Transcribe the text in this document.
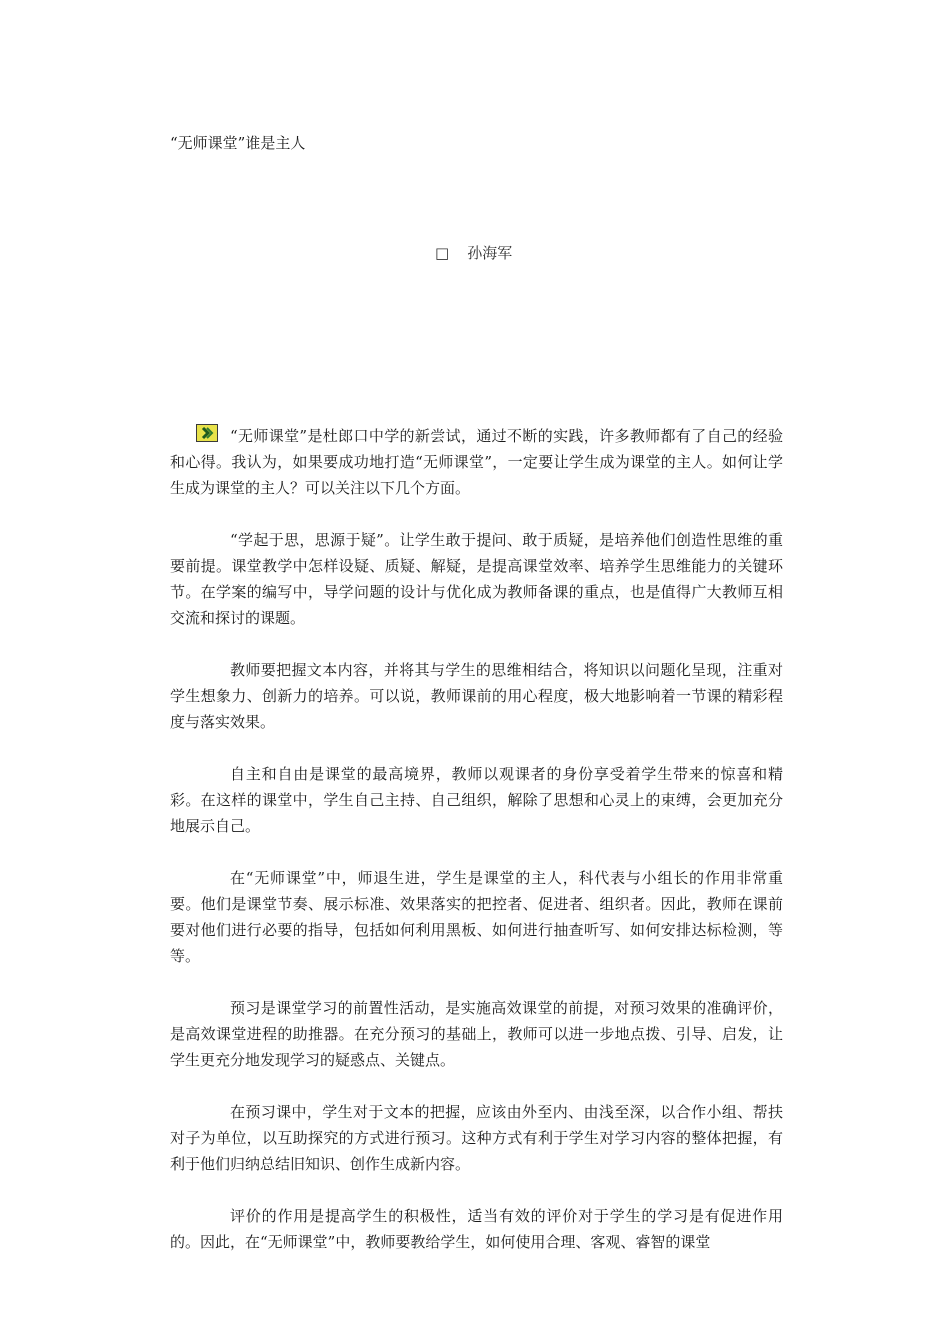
“无师课堂”谁是主人
□ 孙海军

“无师课堂”是杜郎口中学的新尝试，通过不断的实践，许多教师都有了自己的经验和心得。我认为，如果要成功地打造“无师课堂”，一定要让学生成为课堂的主人。如何让学生成为课堂的主人？可以关注以下几个方面。

“学起于思，思源于疑”。让学生敢于提问、敢于质疑，是培养他们创造性思维的重要前提。课堂教学中怎样设疑、质疑、解疑，是提高课堂效率、培养学生思维能力的关键环节。在学案的编写中，导学问题的设计与优化成为教师备课的重点，也是值得广大教师互相交流和探讨的课题。

教师要把握文本内容，并将其与学生的思维相结合，将知识以问题化呈现，注重对学生想象力、创新力的培养。可以说，教师课前的用心程度，极大地影响着一节课的精彩程度与落实效果。

自主和自由是课堂的最高境界，教师以观课者的身份享受着学生带来的惊喜和精彩。在这样的课堂中，学生自己主持、自己组织，解除了思想和心灵上的束缚，会更加充分地展示自己。

在“无师课堂”中，师退生进，学生是课堂的主人，科代表与小组长的作用非常重要。他们是课堂节奏、展示标准、效果落实的把控者、促进者、组织者。因此，教师在课前要对他们进行必要的指导，包括如何利用黑板、如何进行抽查听写、如何安排达标检测，等等。

预习是课堂学习的前置性活动，是实施高效课堂的前提，对预习效果的准确评价，是高效课堂进程的助推器。在充分预习的基础上，教师可以进一步地点拨、引导、启发，让学生更充分地发现学习的疑惑点、关键点。

在预习课中，学生对于文本的把握，应该由外至内、由浅至深，以合作小组、帮扶对子为单位，以互助探究的方式进行预习。这种方式有利于学生对学习内容的整体把握，有利于他们归纳总结旧知识、创作生成新内容。

评价的作用是提高学生的积极性，适当有效的评价对于学生的学习是有促进作用的。因此，在“无师课堂”中，教师要教给学生，如何使用合理、客观、睿智的课堂
